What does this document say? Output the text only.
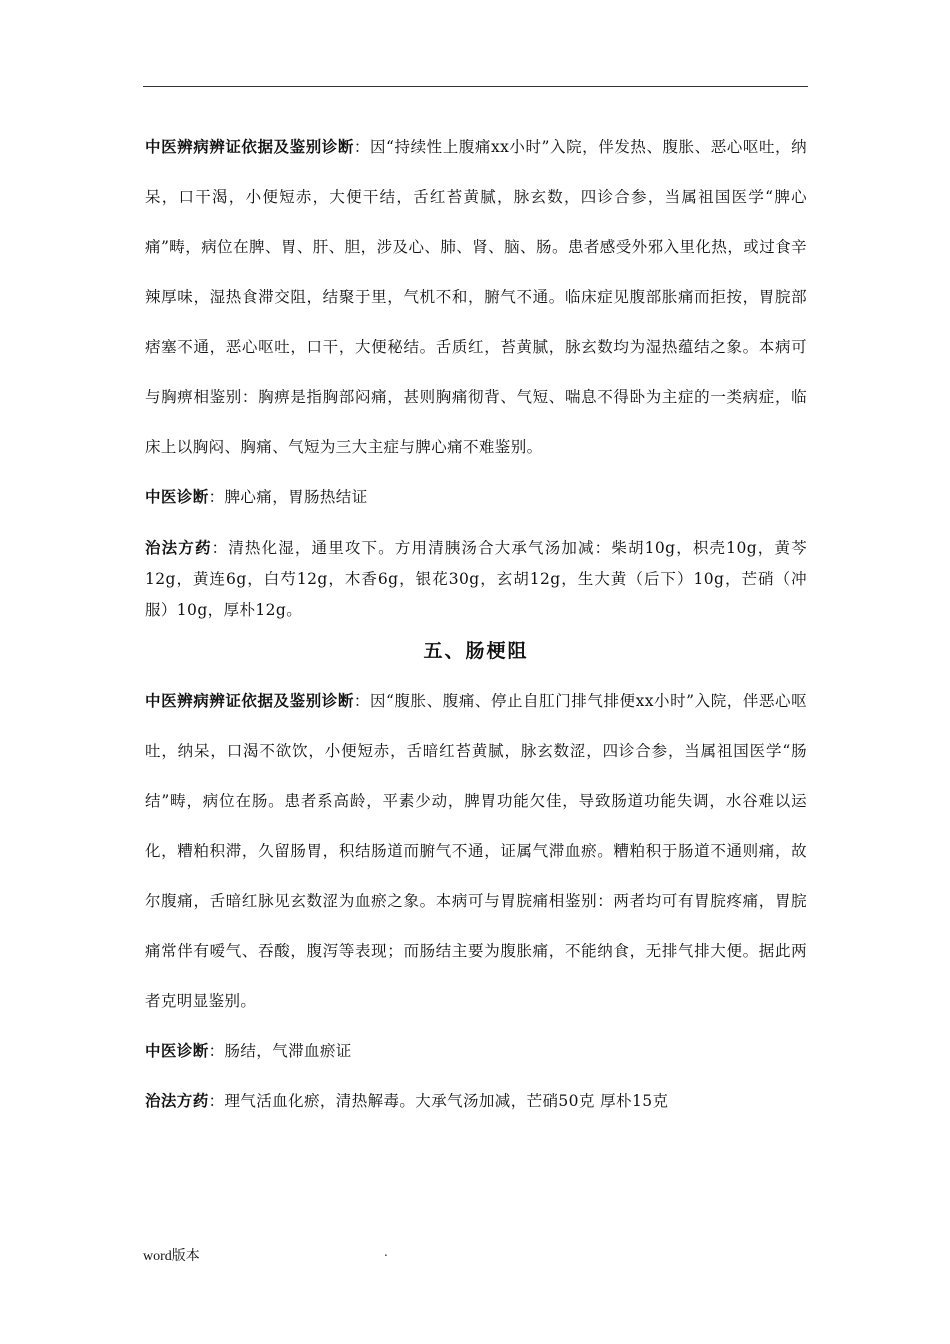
中医辨病辨证依据及鉴别诊断：因“持续性上腹痛xx小时”入院，伴发热、腹胀、恶心呕吐，纳呆，口干渴，小便短赤，大便干结，舌红苔黄腻，脉玄数，四诊合参，当属祖国医学“脾心痛”畴，病位在脾、胃、肝、胆，涉及心、肺、肾、脑、肠。患者感受外邪入里化热，或过食辛辣厚味，湿热食滞交阻，结聚于里，气机不和，腑气不通。临床症见腹部胀痛而拒按，胃脘部痞塞不通，恶心呕吐，口干，大便秘结。舌质红，苔黄腻，脉玄数均为湿热蕴结之象。本病可与胸痹相鉴别：胸痹是指胸部闷痛，甚则胸痛彻背、气短、喘息不得卧为主症的一类病症，临床上以胸闷、胸痛、气短为三大主症与脾心痛不难鉴别。

中医诊断：脾心痛，胃肠热结证

治法方药：清热化湿，通里攻下。方用清胰汤合大承气汤加减：柴胡10g，枳壳10g，黄芩12g，黄连6g，白芍12g，木香6g，银花30g，玄胡12g，生大黄（后下）10g，芒硝（冲服）10g，厚朴12g。

五、肠梗阻

中医辨病辨证依据及鉴别诊断：因“腹胀、腹痛、停止自肛门排气排便xx小时”入院，伴恶心呕吐，纳呆，口渴不欲饮，小便短赤，舌暗红苔黄腻，脉玄数涩，四诊合参，当属祖国医学“肠结”畴，病位在肠。患者系高龄，平素少动，脾胃功能欠佳，导致肠道功能失调，水谷难以运化，糟粕积滞，久留肠胃，积结肠道而腑气不通，证属气滞血瘀。糟粕积于肠道不通则痛，故尔腹痛，舌暗红脉见玄数涩为血瘀之象。本病可与胃脘痛相鉴别：两者均可有胃脘疼痛，胃脘痛常伴有嗳气、吞酸，腹泻等表现；而肠结主要为腹胀痛，不能纳食，无排气排大便。据此两者克明显鉴别。

中医诊断：肠结，气滞血瘀证

治法方药：理气活血化瘀，清热解毒。大承气汤加减，芒硝50克 厚朴15克

word版本	.
